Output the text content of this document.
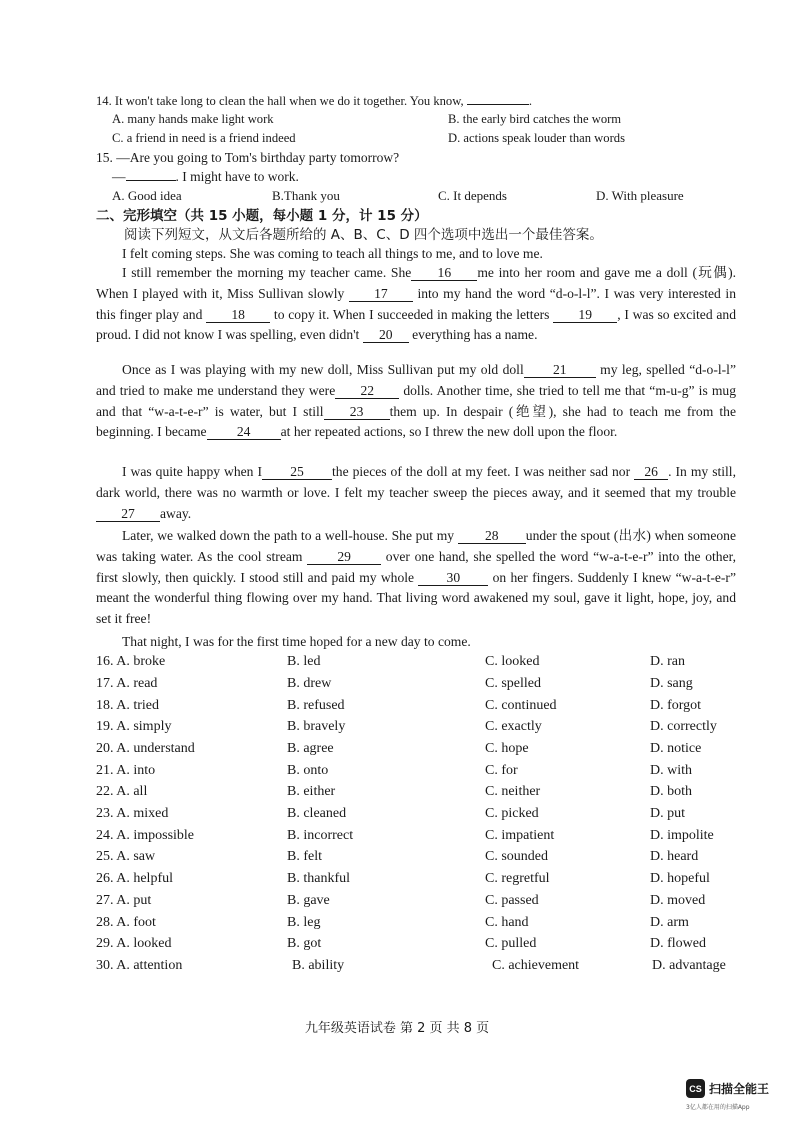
14. It won't take long to clean the hall when we do it together. You know,	.
A. many hands make light work	B. the early bird catches the worm
C. a friend in need is a friend indeed	D. actions speak louder than words
15. —Are you going to Tom's birthday party tomorrow?
—	. I might have to work.
A. Good idea	B.Thank you	C. It depends	D. With pleasure
二、完形填空（共 15 小题，每小题 1 分，计 15 分）
阅读下列短文，从文后各题所给的 A、B、C、D 四个选项中选出一个最佳答案。
I felt coming steps. She was coming to teach all things to me, and to love me.
I still remember the morning my teacher came. She 16 me into her room and gave me a doll (玩偶). When I played with it, Miss Sullivan slowly 17 into my hand the word “d-o-l-l”. I was very interested in this finger play and 18 to copy it. When I succeeded in making the letters 19 , I was so excited and proud. I did not know I was spelling, even didn't 20 everything has a name.
Once as I was playing with my new doll, Miss Sullivan put my old doll 21 my leg, spelled “d-o-l-l” and tried to make me understand they were 22 dolls. Another time, she tried to tell me that “m-u-g” is mug and that “w-a-t-e-r” is water, but I still 23 them up. In despair (绝望), she had to teach me from the beginning. I became 24 at her repeated actions, so I threw the new doll upon the floor.
I was quite happy when I 25 the pieces of the doll at my feet. I was neither sad nor 26 . In my still, dark world, there was no warmth or love. I felt my teacher sweep the pieces away, and it seemed that my trouble 27 away.
Later, we walked down the path to a well-house. She put my 28 under the spout (出水) when someone was taking water. As the cool stream 29 over one hand, she spelled the word “w-a-t-e-r” into the other, first slowly, then quickly. I stood still and paid my whole 30 on her fingers. Suddenly I knew “w-a-t-e-r” meant the wonderful thing flowing over my hand. That living word awakened my soul, gave it light, hope, joy, and set it free!
That night, I was for the first time hoped for a new day to come.
16. A. broke	B. led	C. looked	D. ran
17. A. read	B. drew	C. spelled	D. sang
18. A. tried	B. refused	C. continued	D. forgot
19. A. simply	B. bravely	C. exactly	D. correctly
20. A. understand	B. agree	C. hope	D. notice
21. A. into	B. onto	C. for	D. with
22. A. all	B. either	C. neither	D. both
23. A. mixed	B. cleaned	C. picked	D. put
24. A. impossible	B. incorrect	C. impatient	D. impolite
25. A. saw	B. felt	C. sounded	D. heard
26. A. helpful	B. thankful	C. regretful	D. hopeful
27. A. put	B. gave	C. passed	D. moved
28. A. foot	B. leg	C. hand	D. arm
29. A. looked	B. got	C. pulled	D. flowed
30. A. attention	B. ability	C. achievement	D. advantage
九年级英语试卷 第 2 页 共 8 页
CS 扫描全能王
3亿人都在用的扫描App
